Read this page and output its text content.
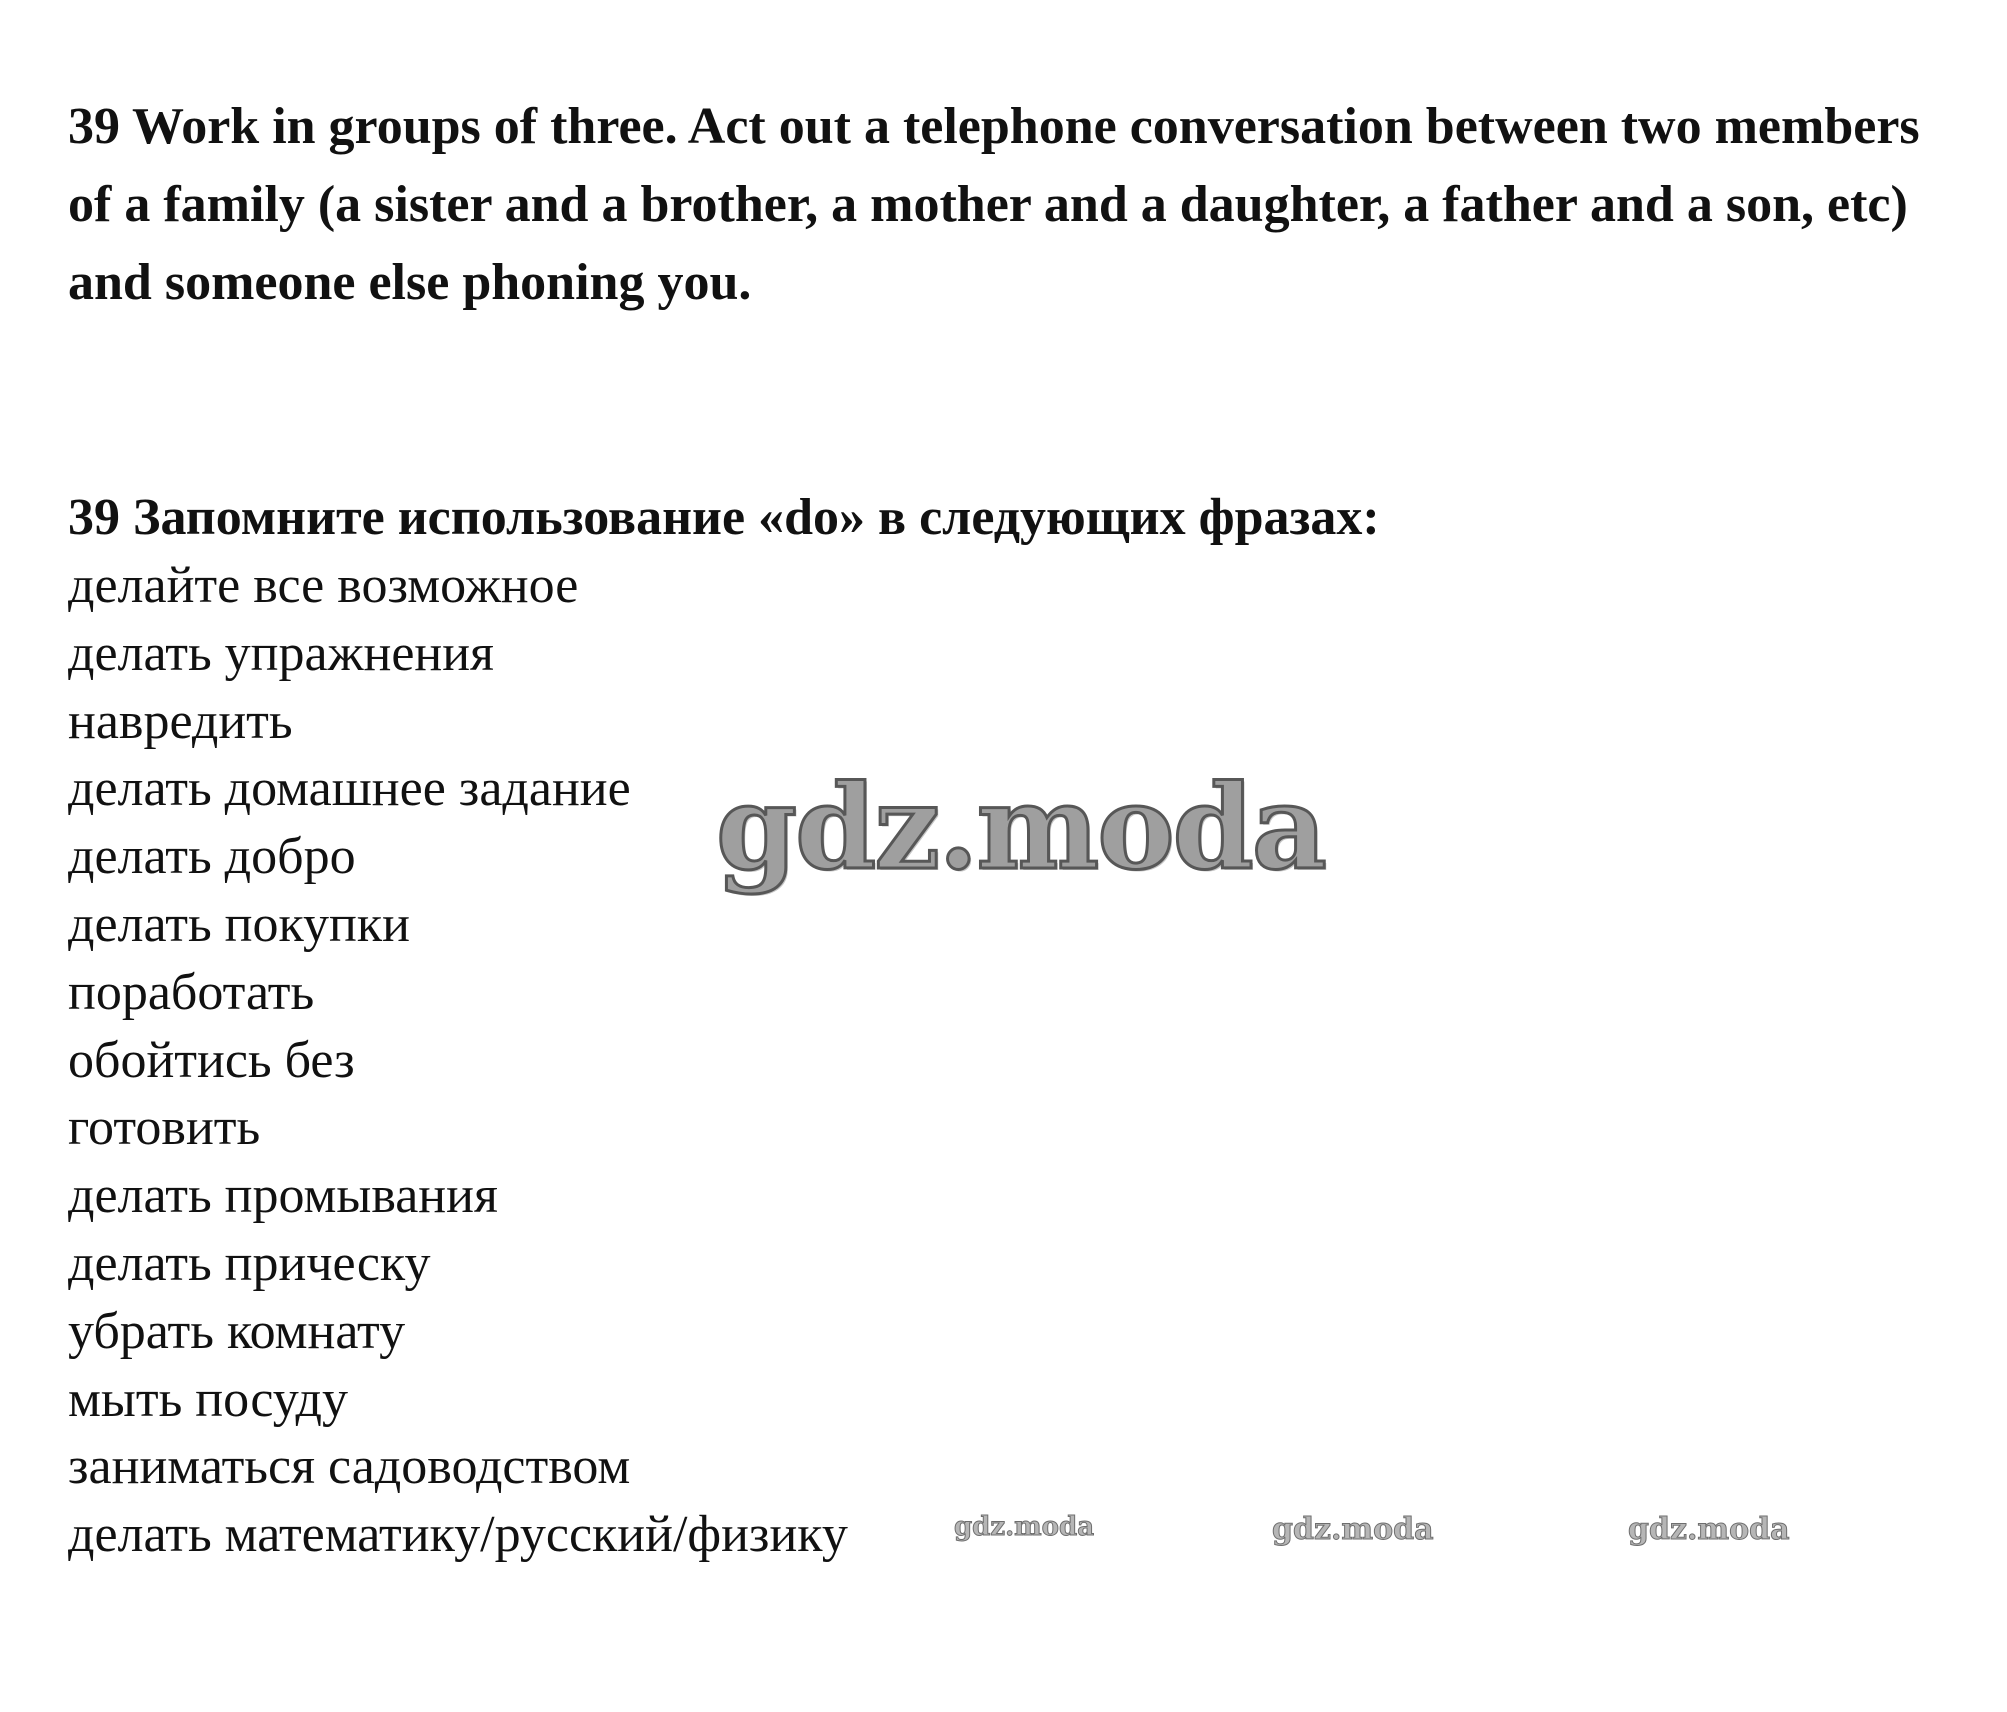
39 Work in groups of three. Act out a telephone conversation between two members of a family (a sister and a brother, a mother and a daughter, a father and a son, etc) and someone else phoning you.

39 Запомните использование «do» в следующих фразах:

делайте все возможное
делать упражнения
навредить
делать домашнее задание
делать добро
делать покупки
поработать
обойтись без
готовить
делать промывания
делать прическу
убрать комнату
мыть посуду
заниматься садоводством
делать математику/русский/физику
gdz.moda
gdz.moda	gdz.moda	gdz.moda
